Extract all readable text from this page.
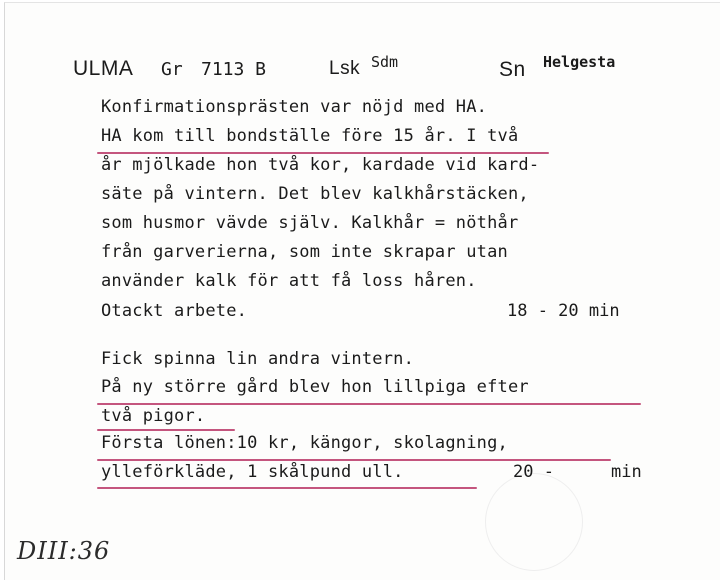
ULMA Gr 7113 B	Lsk Sdm	Sn Helgesta
Konfirmationsprästen var nöjd med HA.
HA kom till bondställe före 15 år. I två
år mjölkade hon två kor, kardade vid kard-
säte på vintern. Det blev kalkhårstäcken,
som husmor vävde själv. Kalkhår = nöthår
från garverierna, som inte skrapar utan
använder kalk för att få loss håren.
Otackt arbete.	18 - 20 min
Fick spinna lin andra vintern.
På ny större gård blev hon lillpiga efter
två pigor.
Första lönen:10 kr, kängor, skolagning,
ylleförkläde, 1 skålpund ull.	20 -	min
DIII:36
